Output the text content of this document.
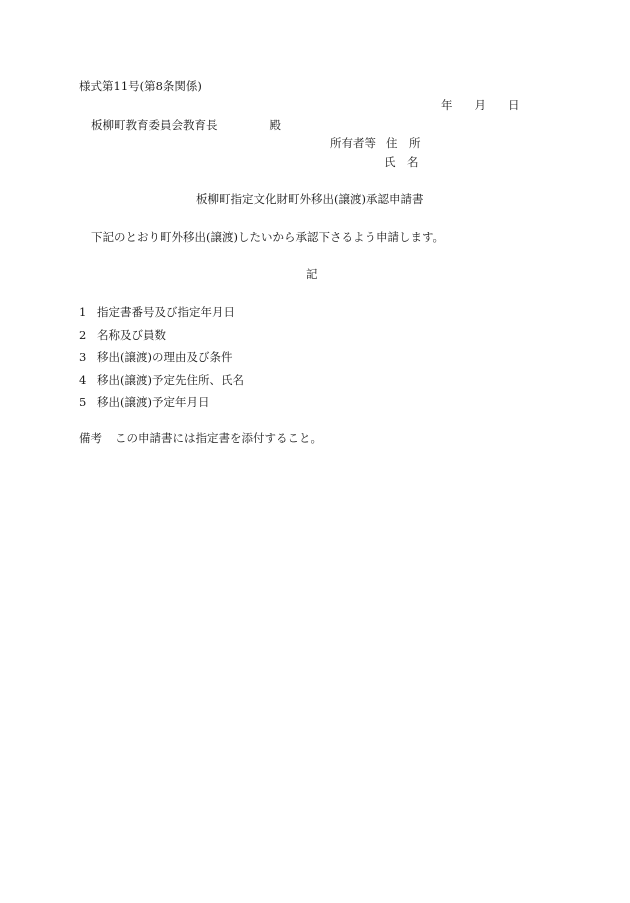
様式第11号(第8条関係)
年 月 日
板柳町教育委員会教育長	殿
所有者等 住　所
氏　名
板柳町指定文化財町外移出(譲渡)承認申請書
下記のとおり町外移出(譲渡)したいから承認下さるよう申請します。
記
1 指定書番号及び指定年月日
2 名称及び員数
3 移出(譲渡)の理由及び条件
4 移出(譲渡)予定先住所、氏名
5 移出(譲渡)予定年月日
備考 この申請書には指定書を添付すること。
